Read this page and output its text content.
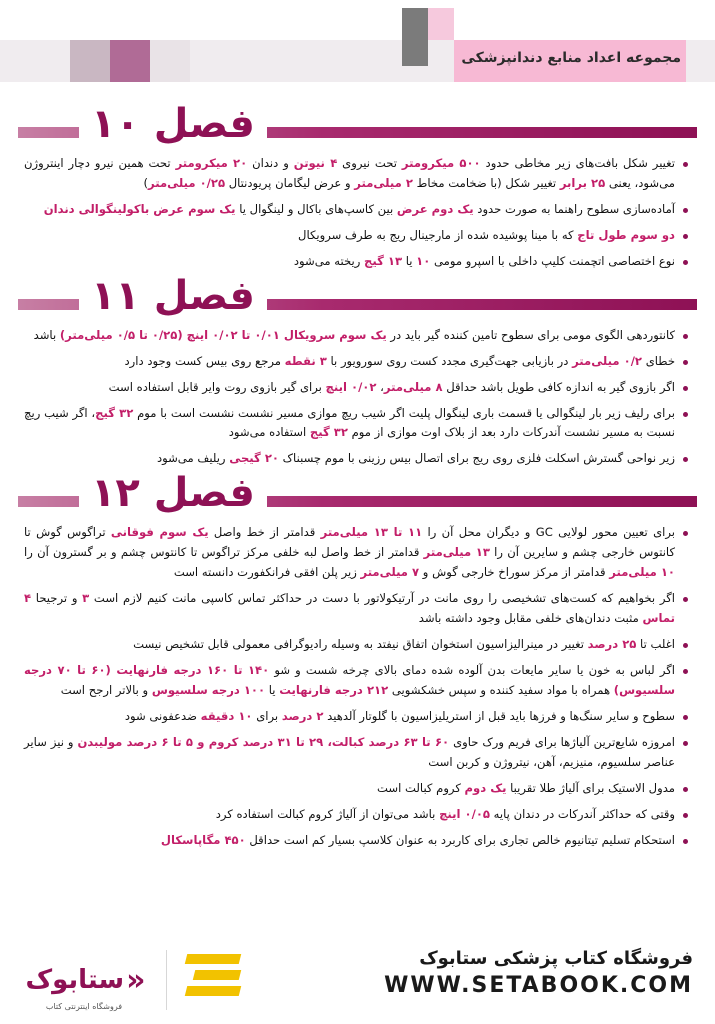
مجموعه اعداد منابع دندانپزشکی
فصل ۱۰
تغییر شکل بافت‌های زیر مخاطی حدود ۵۰۰ میکرومتر تحت نیروی ۴ نیوتن و دندان ۲۰ میکرومتر تحت همین نیرو دچار اینتروژن می‌شود، یعنی ۲۵ برابر تغییر شکل (با ضخامت مخاط ۲ میلی‌متر و عرض لیگامان پریودنتال ۰/۲۵ میلی‌متر)
آماده‌سازی سطوح راهنما به صورت حدود یک دوم عرض بین کاسپ‌های باکال و لینگوال یا یک سوم عرض باکولینگوالی دندان
دو سوم طول تاج که با مینا پوشیده شده از مارجینال ریج به طرف سرویکال
نوع اختصاصی اتچمنت کلیپ داخلی با اسپرو مومی ۱۰ یا ۱۳ گیج ریخته می‌شود
فصل ۱۱
کانتوردهی الگوی مومی برای سطوح تامین کننده گیر باید در یک سوم سرویکال ۰/۰۱ تا ۰/۰۲ اینچ (۰/۲۵ تا ۰/۵ میلی‌متر) باشد
خطای ۰/۲ میلی‌متر در بازیابی جهت‌گیری مجدد کست روی سورویور با ۳ نقطه مرجع روی بیس کست وجود دارد
اگر بازوی گیر به اندازه کافی طویل باشد حداقل ۸ میلی‌متر، ۰/۰۲ اینچ برای گیر بازوی روت وایر قابل استفاده است
برای رلیف زیر بار لینگوالی یا قسمت باری لینگوال پلیت اگر شیب ریچ موازی مسیر نشست نشست است با موم ۳۲ گیج، اگر شیب ریچ نسبت به مسیر نشست آندرکات دارد بعد از بلاک اوت موازی از موم ۳۲ گیج استفاده می‌شود
زیر نواحی گسترش اسکلت فلزی روی ریج برای اتصال بیس رزینی با موم چسبناک ۲۰ گیجی ریلیف می‌شود
فصل ۱۲
برای تعیین محور لولایی GC و دیگران محل آن را ۱۱ تا ۱۳ میلی‌متر قدامتر از خط واصل یک سوم فوقانی تراگوس گوش تا کانتوس خارجی چشم و سایرین آن را ۱۳ میلی‌متر قدامتر از خط واصل لبه خلفی مرکز تراگوس تا کانتوس چشم و بر گسترون آن را ۱۰ میلی‌متر قدامتر از مرکز سوراخ خارجی گوش و ۷ میلی‌متر زیر پلن افقی فرانکفورت دانسته است
اگر بخواهیم که کست‌های تشخیصی را روی مانت در آرتیکولاتور با دست در حداکثر تماس کاسپی مانت کنیم لازم است ۳ و ترجیحا ۴ تماس مثبت دندان‌های خلفی مقابل وجود داشته باشد
اغلب تا ۲۵ درصد تغییر در مینرالیزاسیون استخوان اتفاق نیفتد به وسیله رادیوگرافی معمولی قابل تشخیص نیست
اگر لباس به خون یا سایر مایعات بدن آلوده شده دمای بالای چرخه شست و شو ۱۴۰ تا ۱۶۰ درجه فارنهایت (۶۰ تا ۷۰ درجه سلسیوس) همراه با مواد سفید کننده و سپس خشکشویی ۲۱۲ درجه فارنهایت یا ۱۰۰ درجه سلسیوس و بالاتر ارجح است
سطوح و سایر سنگ‌ها و فرزها باید قبل از استریلیزاسیون با گلوتار آلدهید ۲ درصد برای ۱۰ دقیقه ضدعفونی شود
امروزه شایع‌ترین آلیاژها برای فریم ورک حاوی ۶۰ تا ۶۳ درصد کبالت، ۲۹ تا ۳۱ درصد کروم و ۵ تا ۶ درصد مولیبدن و نیز سایر عناصر سلسیوم، منیزیم، آهن، نیتروژن و کربن است
مدول الاستیک برای آلیاژ طلا تقریبا یک دوم کروم کبالت است
وقتی که حداکثر آندرکات در دندان پایه ۰/۰۵ اینچ باشد می‌توان از آلیاژ کروم کبالت استفاده کرد
استحکام تسلیم تیتانیوم خالص تجاری برای کاربرد به عنوان کلاسپ بسیار کم است حداقل ۴۵۰ مگاپاسکال
«
ستابوک
فروشگاه اینترنتی کتاب
فروشگاه کتاب پزشکی ستابوک
WWW.SETABOOK.COM
